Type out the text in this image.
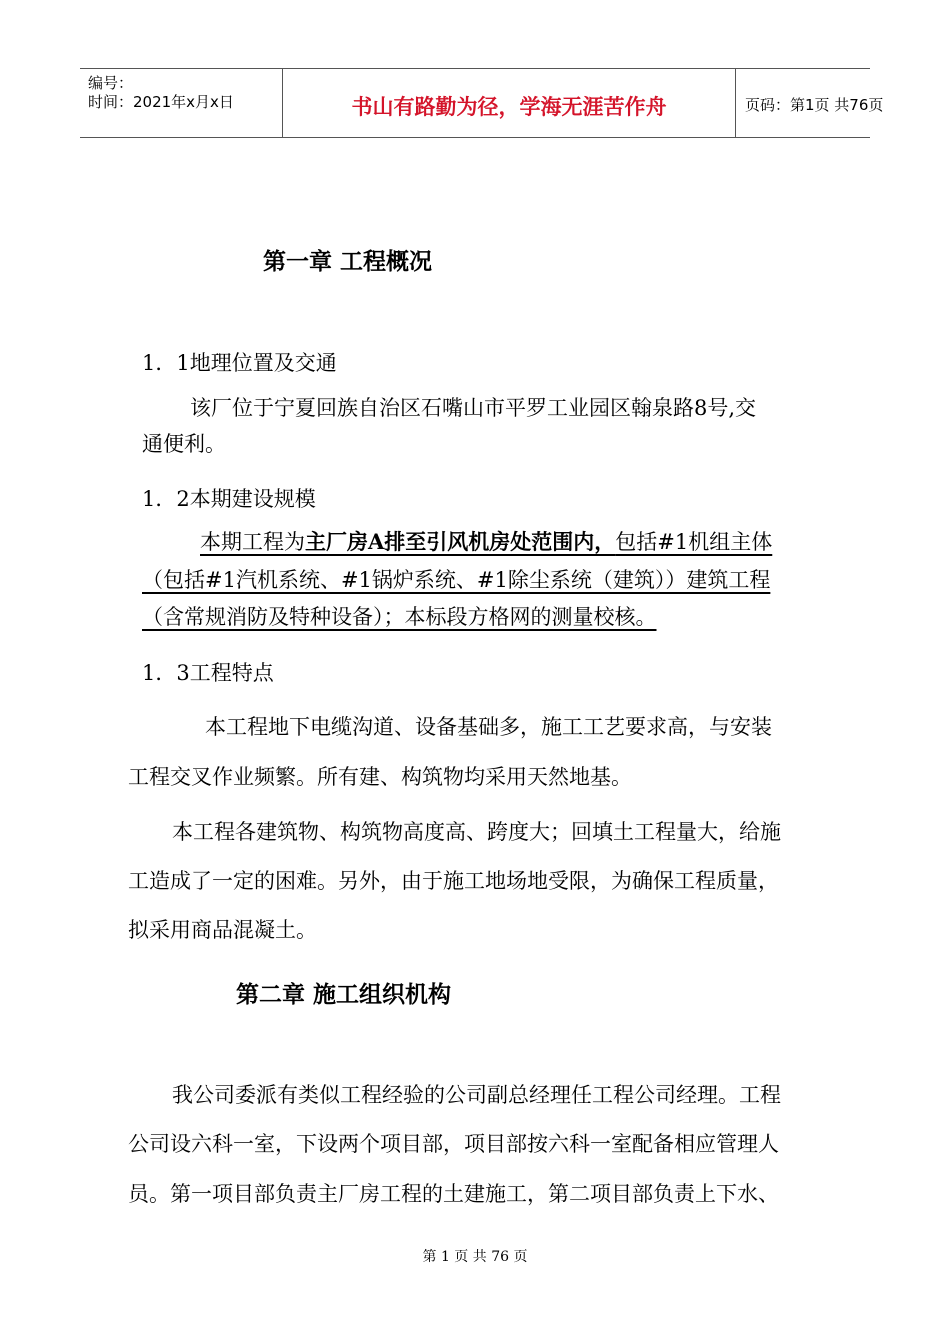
编号：
时间：2021年x月x日	书山有路勤为径，学海无涯苦作舟	页码：第1页 共76页
第一章 工程概况
1．1地理位置及交通
该厂位于宁夏回族自治区石嘴山市平罗工业园区翰泉路8号,交
通便利。
1．2本期建设规模
本期工程为主厂房A排至引风机房处范围内，包括#1机组主体
（包括#1汽机系统、#1锅炉系统、#1除尘系统（建筑））建筑工程
（含常规消防及特种设备）；本标段方格网的测量校核。
1．3工程特点
本工程地下电缆沟道、设备基础多，施工工艺要求高，与安装
工程交叉作业频繁。所有建、构筑物均采用天然地基。
本工程各建筑物、构筑物高度高、跨度大；回填土工程量大，给施
工造成了一定的困难。另外，由于施工地场地受限，为确保工程质量，
拟采用商品混凝土。
第二章 施工组织机构
我公司委派有类似工程经验的公司副总经理任工程公司经理。工程
公司设六科一室，下设两个项目部，项目部按六科一室配备相应管理人
员。第一项目部负责主厂房工程的土建施工，第二项目部负责上下水、
第 1 页 共 76 页
